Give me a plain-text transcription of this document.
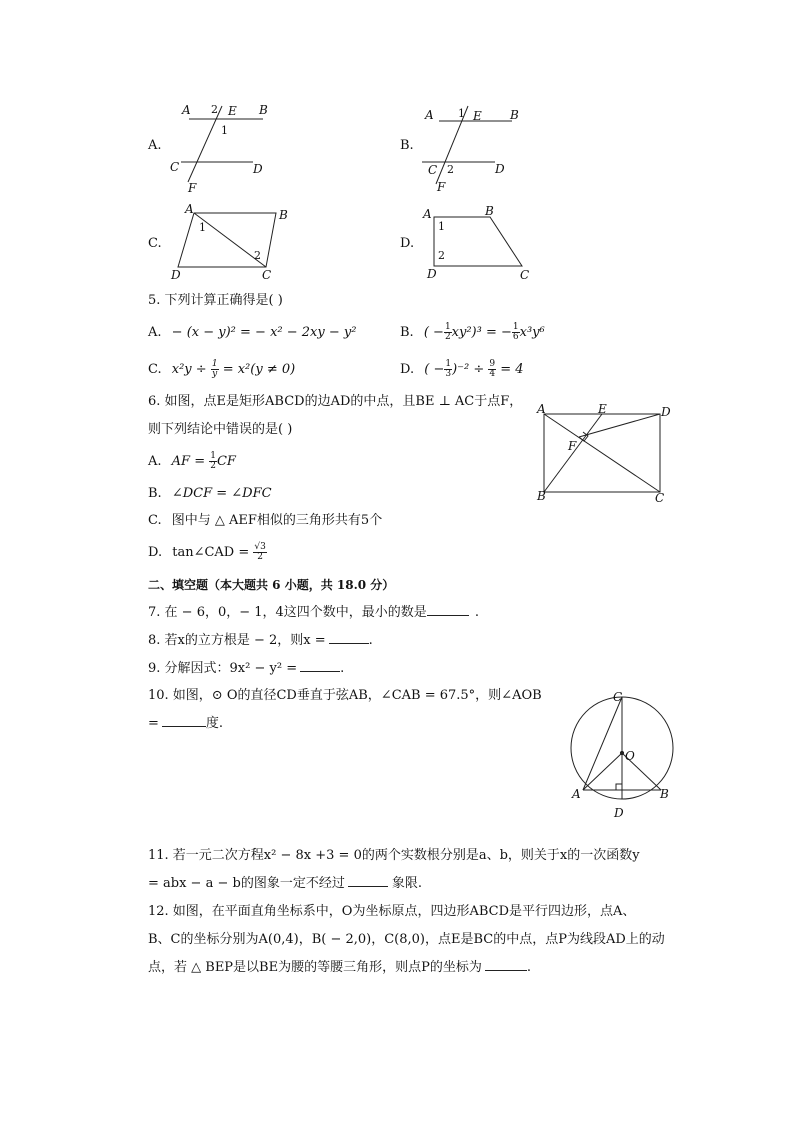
A.
A 2 E B
1
C	D
F
B.
A 1 E B
C 2	D
F
C.
A	B
1
2
D	C
D.
A	B
1
2
D	C
5. 下列计算正确得是( )
A. − (x − y)² = − x² − 2xy − y²	B. ( − $\frac{1}{2} xy^2)^3$ = − $\frac{1}{6} x^3y^6$
C. $x^2y \div \frac{1}{y} = x^2(y \ne 0)$	D. ( − $\frac{1}{3} )^{-2} \div \frac{9}{4} = 4$
6. 如图，点E是矩形ABCD的边AD的中点，且BE ⊥ AC于点F，
则下列结论中错误的是( )
A. AF = $\frac{1}{2}$ CF
B. ∠DCF = ∠DFC
C. 图中与 △ AEF相似的三角形共有5个
D. tan∠CAD = $\frac{√3}{2}$
A	E	D
F
B	C
二、填空题（本大题共 6 小题，共 18.0 分）
7. 在 − 6，0，− 1，4这四个数中，最小的数是	.
8. 若x的立方根是 − 2，则x =	.
9. 分解因式：9x² − y² =	.
10. 如图，⊙ O的直径CD垂直于弦AB，∠CAB = 67.5°，则∠AOB
=	度.
C
O
A	B
D
11. 若一元二次方程x² − 8x +3 = 0的两个实数根分别是a、b，则关于x的一次函数y
= abx − a − b的图象一定不经过	象限.
12. 如图，在平面直角坐标系中，O为坐标原点，四边形ABCD是平行四边形，点A、
B、C的坐标分别为A(0,4)，B( − 2,0)，C(8,0)，点E是BC的中点，点P为线段AD上的动
点，若 △ BEP是以BE为腰的等腰三角形，则点P的坐标为	.
